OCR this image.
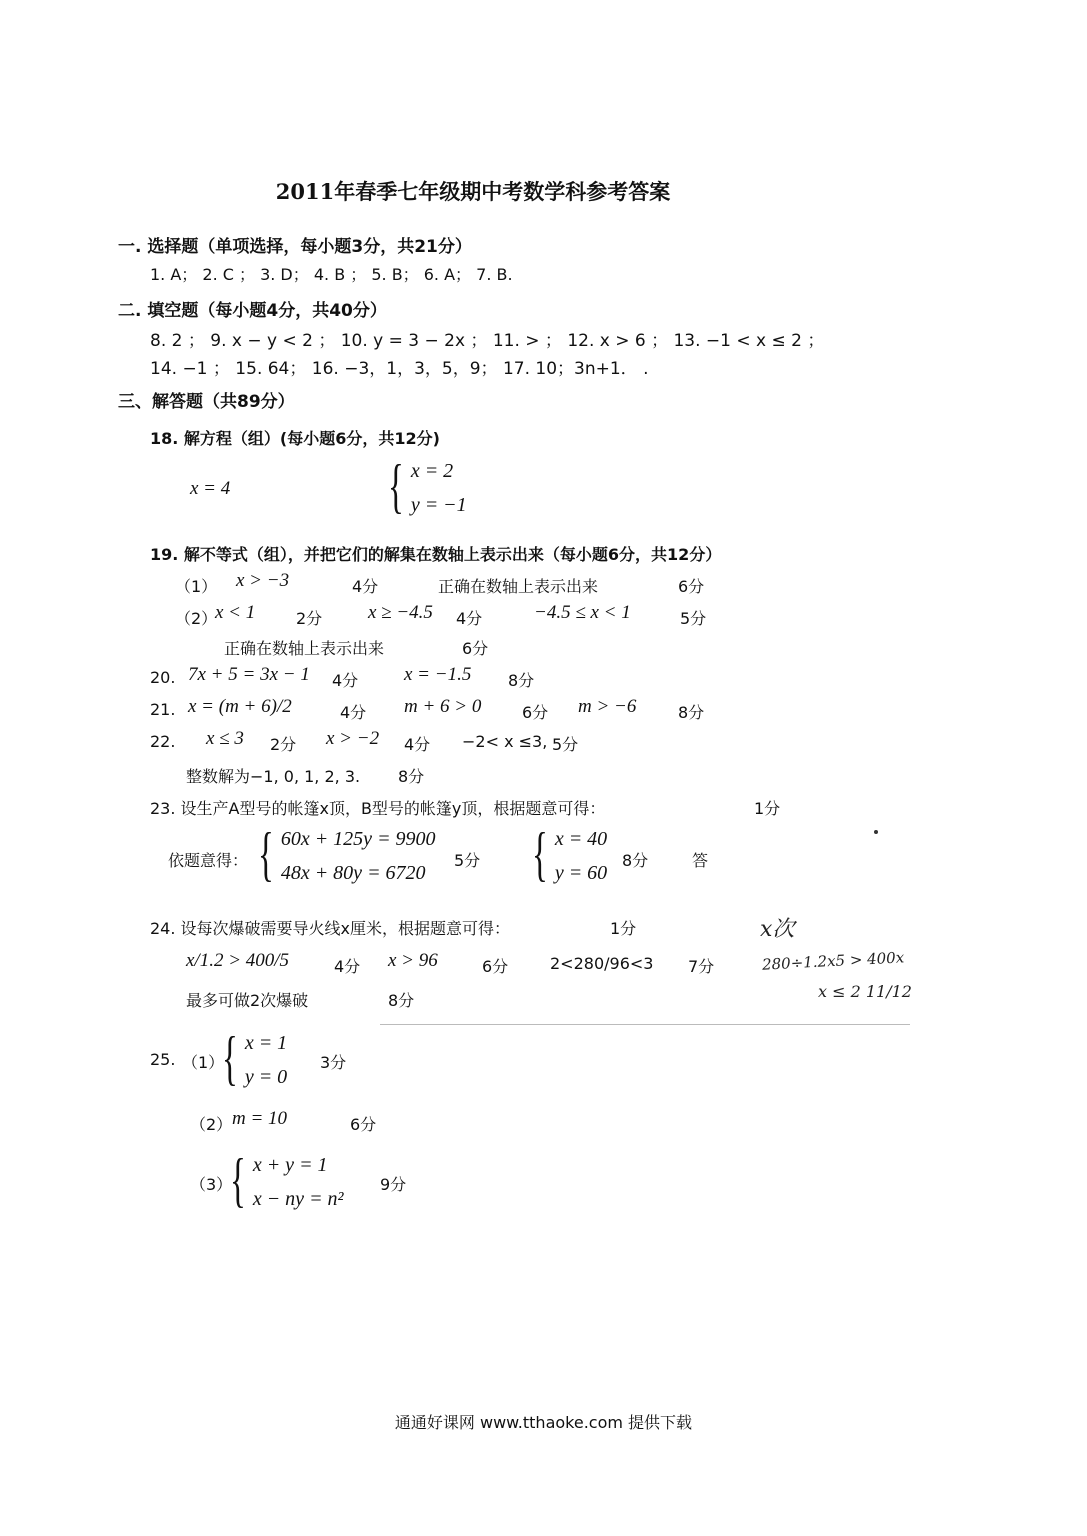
2011年春季七年级期中考数学科参考答案
一. 选择题（单项选择，每小题3分，共21分）
1. A； 2. C ； 3. D； 4. B ； 5. B； 6. A； 7. B.
二. 填空题（每小题4分，共40分）
8. 2 ； 9. x − y < 2 ； 10. y = 3 − 2x ； 11. > ； 12. x > 6 ； 13. −1 < x ≤ 2 ；
14. −1 ； 15. 64； 16. −3，1，3，5，9； 17. 10；3n+1． .
三、解答题（共89分）
18. 解方程（组）(每小题6分，共12分)
x = 4	{ x = 2
y = −1
19. 解不等式（组），并把它们的解集在数轴上表示出来（每小题6分，共12分）
（1） x > −3	4分	正确在数轴上表示出来	6分
（2）
x < 1	2分 x ≥ −4.5 4分	−4.5 ≤ x < 1	5分
正确在数轴上表示出来	6分
20. 7x + 5 = 3x − 1 4分 x = −1.5 8分
21. x = (m + 6)/2	4分 m + 6 > 0	6分 m > −6	8分
22. x ≤ 3 2分 x > −2 4分 −2< x ≤3, 5分
整数解为−1, 0, 1, 2, 3. 8分
23. 设生产A型号的帐篷x顶，B型号的帐篷y顶，根据题意可得：	1分
依题意得： { 60x + 125y = 9900
48x + 80y = 6720
5分 { x = 40
y = 60
8分	答
24. 设每次爆破需要导火线x厘米，根据题意可得：	1分	x次
x/1.2 > 400/5	4分 x > 96	6分	2<280/96<3 7分	280÷1.2x5 > 400x
最多可做2次爆破	8分	x ≤ 2 11/12
25. （1）
{ x = 1
y = 0
3分
（2） m = 10	6分
（3）
{ x + y = 1
x − ny = n²
9分
通通好课网 www.tthaoke.com 提供下载
